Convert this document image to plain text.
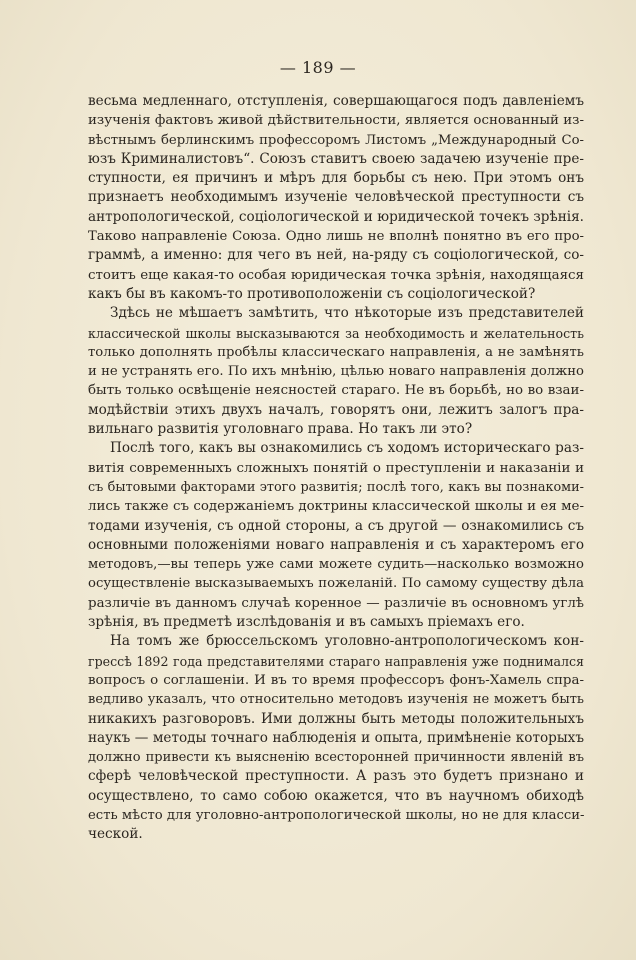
— 189 —
весьма медленнаго, отступленія, совершающагося подъ давленіемъ
изученія фактовъ живой дѣйствительности, является основанный из-
вѣстнымъ берлинскимъ профессоромъ Листомъ „Международный Со-
юзъ Криминалистовъ“. Союзъ ставитъ своею задачею изученіе пре-
ступности, ея причинъ и мѣръ для борьбы съ нею. При этомъ онъ
признаетъ необходимымъ изученіе человѣческой преступности съ
антропологической, соціологической и юридической точекъ зрѣнія.
Таково направленіе Союза. Одно лишь не вполнѣ понятно въ его про-
граммѣ, а именно: для чего въ ней, на-ряду съ соціологической, со-
стоитъ еще какая-то особая юридическая точка зрѣнія, находящаяся
какъ бы въ какомъ-то противоположеніи съ соціологической?
Здѣсь не мѣшаетъ замѣтить, что нѣкоторые изъ представителей
классической школы высказываются за необходимость и желательность
только дополнять пробѣлы классическаго направленія, а не замѣнять
и не устранять его. По ихъ мнѣнію, цѣлью новаго направленія должно
быть только освѣщеніе неясностей стараго. Не въ борьбѣ, но во взаи-
модѣйствіи этихъ двухъ началъ, говорятъ они, лежитъ залогъ пра-
вильнаго развитія уголовнаго права. Но такъ ли это?
Послѣ того, какъ вы ознакомились съ ходомъ историческаго раз-
витія современныхъ сложныхъ понятій о преступленіи и наказаніи и
съ бытовыми факторами этого развитія; послѣ того, какъ вы познакоми-
лись также съ содержаніемъ доктрины классической школы и ея ме-
тодами изученія, съ одной стороны, а съ другой — ознакомились съ
основными положеніями новаго направленія и съ характеромъ его
методовъ,—вы теперь уже сами можете судить—насколько возможно
осуществленіе высказываемыхъ пожеланій. По самому существу дѣла
различіе въ данномъ случаѣ коренное — различіе въ основномъ углѣ
зрѣнія, въ предметѣ изслѣдованія и въ самыхъ пріемахъ его.
На томъ же брюссельскомъ уголовно-антропологическомъ кон-
грессѣ 1892 года представителями стараго направленія уже поднимался
вопросъ о соглашеніи. И въ то время профессоръ фонъ-Хамель спра-
ведливо указалъ, что относительно методовъ изученія не можетъ быть
никакихъ разговоровъ. Ими должны быть методы положительныхъ
наукъ — методы точнаго наблюденія и опыта, примѣненіе которыхъ
должно привести къ выясненію всесторонней причинности явленій въ
сферѣ человѣческой преступности. А разъ это будетъ признано и
осуществлено, то само собою окажется, что въ научномъ обиходѣ
есть мѣсто для уголовно-антропологической школы, но не для класси-
ческой.
